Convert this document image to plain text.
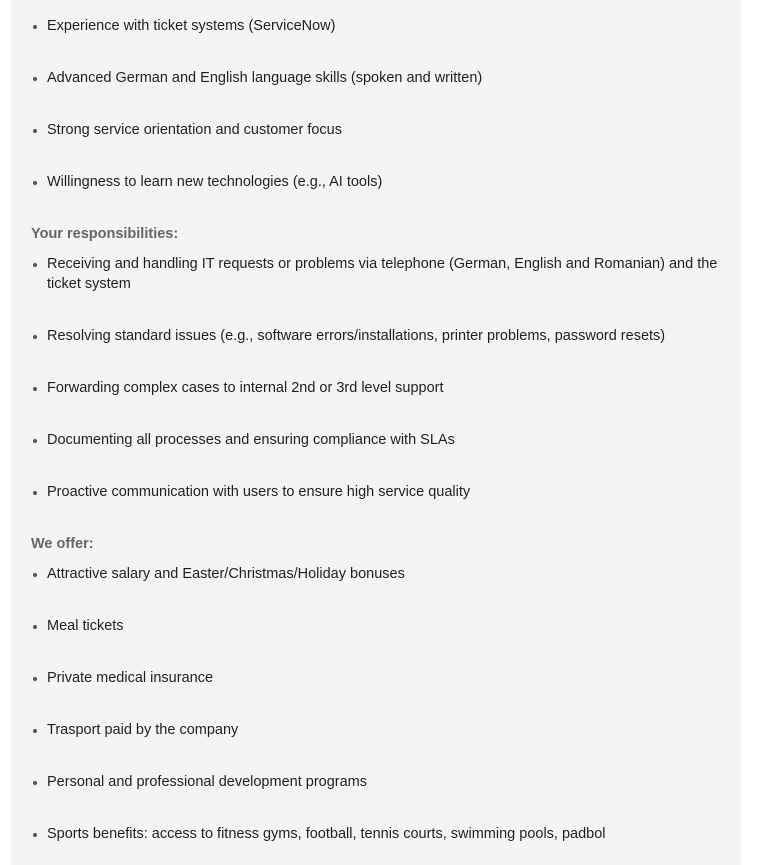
Experience with ticket systems (ServiceNow)
Advanced German and English language skills (spoken and written)
Strong service orientation and customer focus
Willingness to learn new technologies (e.g., AI tools)

Your responsibilities:

Receiving and handling IT requests or problems via telephone (German, English and Romanian) and the ticket system
Resolving standard issues (e.g., software errors/installations, printer problems, password resets)
Forwarding complex cases to internal 2nd or 3rd level support
Documenting all processes and ensuring compliance with SLAs
Proactive communication with users to ensure high service quality

We offer:

Attractive salary and Easter/Christmas/Holiday bonuses
Meal tickets
Private medical insurance
Trasport paid by the company
Personal and professional development programs
Sports benefits: access to fitness gyms, football, tennis courts, swimming pools, padbol
